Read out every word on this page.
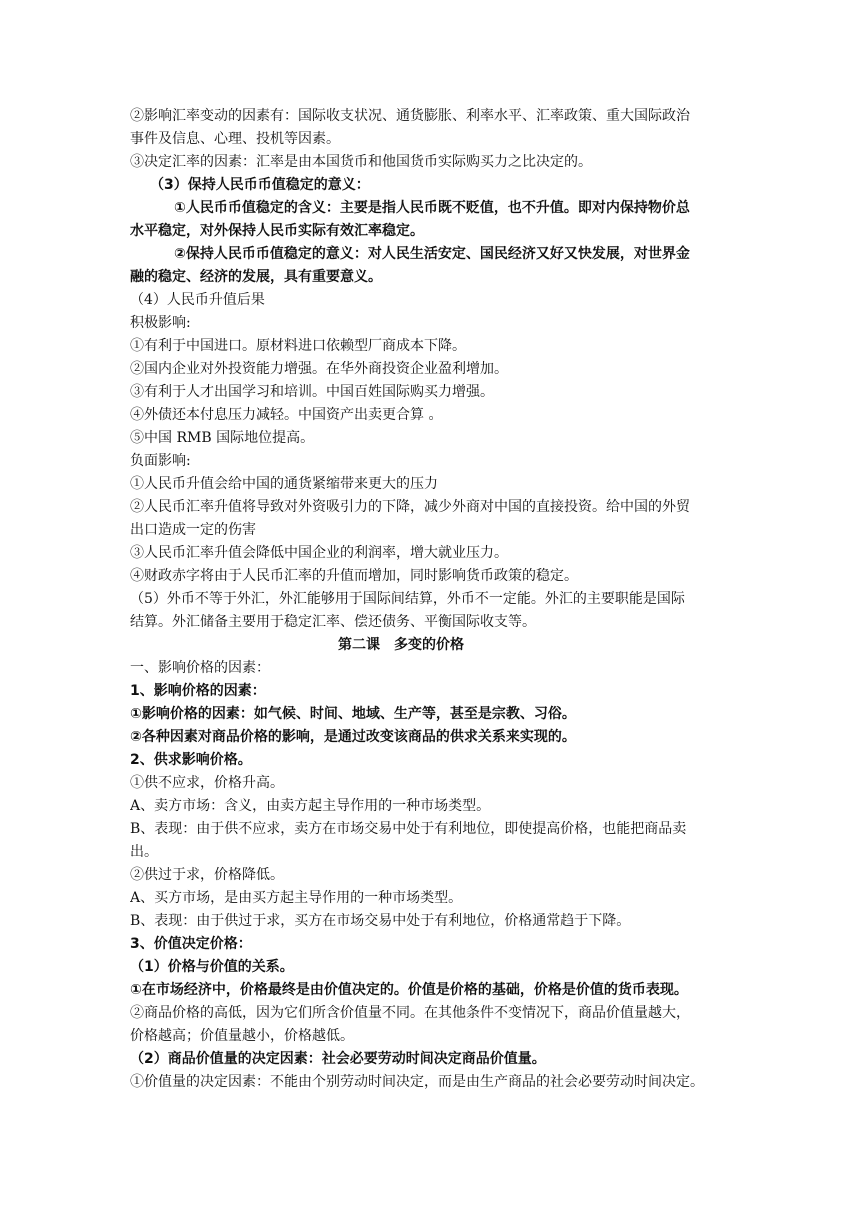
②影响汇率变动的因素有：国际收支状况、通货膨胀、利率水平、汇率政策、重大国际政治
事件及信息、心理、投机等因素。
③决定汇率的因素：汇率是由本国货币和他国货币实际购买力之比决定的。
（3）保持人民币币值稳定的意义：
①人民币币值稳定的含义：主要是指人民币既不贬值，也不升值。即对内保持物价总
水平稳定，对外保持人民币实际有效汇率稳定。
②保持人民币币值稳定的意义：对人民生活安定、国民经济又好又快发展，对世界金
融的稳定、经济的发展，具有重要意义。
（4）人民币升值后果
积极影响:
①有利于中国进口。原材料进口依赖型厂商成本下降。
②国内企业对外投资能力增强。在华外商投资企业盈利增加。
③有利于人才出国学习和培训。中国百姓国际购买力增强。
④外债还本付息压力减轻。中国资产出卖更合算 。
⑤中国 RMB 国际地位提高。
负面影响:
①人民币升值会给中国的通货紧缩带来更大的压力
②人民币汇率升值将导致对外资吸引力的下降，减少外商对中国的直接投资。给中国的外贸
出口造成一定的伤害
③人民币汇率升值会降低中国企业的利润率，增大就业压力。
④财政赤字将由于人民币汇率的升值而增加，同时影响货币政策的稳定。
（5）外币不等于外汇，外汇能够用于国际间结算，外币不一定能。外汇的主要职能是国际
结算。外汇储备主要用于稳定汇率、偿还债务、平衡国际收支等。
第二课　多变的价格
一、影响价格的因素：
1、影响价格的因素：
①影响价格的因素：如气候、时间、地域、生产等，甚至是宗教、习俗。
②各种因素对商品价格的影响，是通过改变该商品的供求关系来实现的。
2、供求影响价格。
①供不应求，价格升高。
A、卖方市场：含义，由卖方起主导作用的一种市场类型。
B、表现：由于供不应求，卖方在市场交易中处于有利地位，即使提高价格，也能把商品卖
出。
②供过于求，价格降低。
A、买方市场，是由买方起主导作用的一种市场类型。
B、表现：由于供过于求，买方在市场交易中处于有利地位，价格通常趋于下降。
3、价值决定价格：
（1）价格与价值的关系。
①在市场经济中，价格最终是由价值决定的。价值是价格的基础，价格是价值的货币表现。
②商品价格的高低，因为它们所含价值量不同。在其他条件不变情况下，商品价值量越大，
价格越高；价值量越小，价格越低。
（2）商品价值量的决定因素：社会必要劳动时间决定商品价值量。
①价值量的决定因素：不能由个别劳动时间决定，而是由生产商品的社会必要劳动时间决定。
